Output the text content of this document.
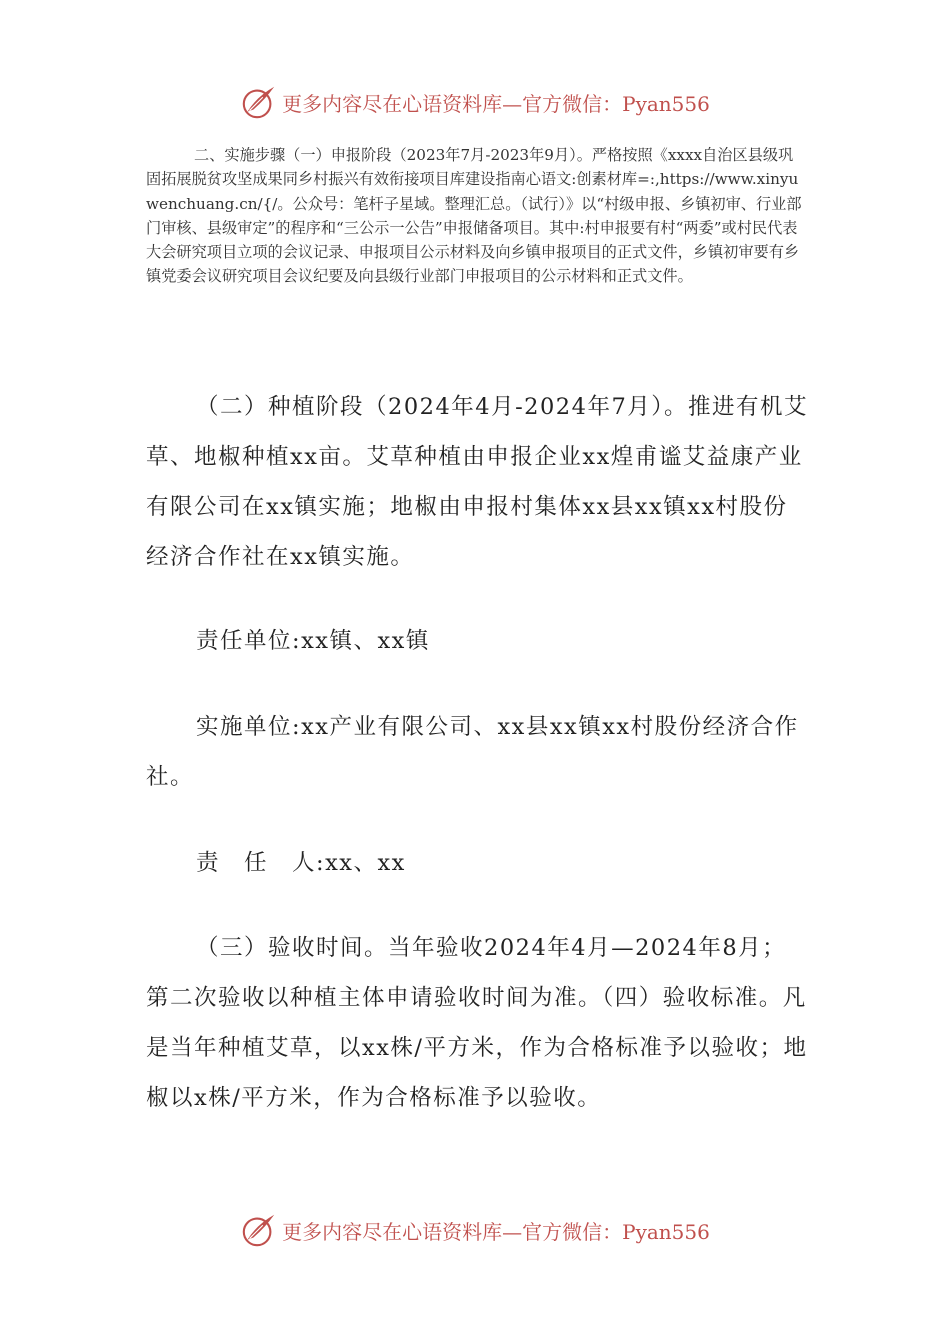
更多内容尽在心语资料库—官方微信：Pyan556

二、实施步骤（一）申报阶段（2023年7月-2023年9月）。严格按照《xxxx自治区县级巩固拓展脱贫攻坚成果同乡村振兴有效衔接项目库建设指南心语文:创素材库=:,https://www.xinyuwenchuang.cn/{/。公众号：笔杆子星域。整理汇总。（试行）》以“村级申报、乡镇初审、行业部门审核、县级审定”的程序和“三公示一公告”申报储备项目。其中:村申报要有村“两委”或村民代表大会研究项目立项的会议记录、申报项目公示材料及向乡镇申报项目的正式文件，乡镇初审要有乡镇党委会议研究项目会议纪要及向县级行业部门申报项目的公示材料和正式文件。

（二）种植阶段（2024年4月-2024年7月）。推进有机艾草、地椒种植xx亩。艾草种植由申报企业xx煌甫谧艾益康产业有限公司在xx镇实施；地椒由申报村集体xx县xx镇xx村股份经济合作社在xx镇实施。

责任单位:xx镇、xx镇

实施单位:xx产业有限公司、xx县xx镇xx村股份经济合作社。

责　任　人:xx、xx

（三）验收时间。当年验收2024年4月—2024年8月；第二次验收以种植主体申请验收时间为准。（四）验收标准。凡是当年种植艾草，以xx株/平方米，作为合格标准予以验收；地椒以x株/平方米，作为合格标准予以验收。

更多内容尽在心语资料库—官方微信：Pyan556
